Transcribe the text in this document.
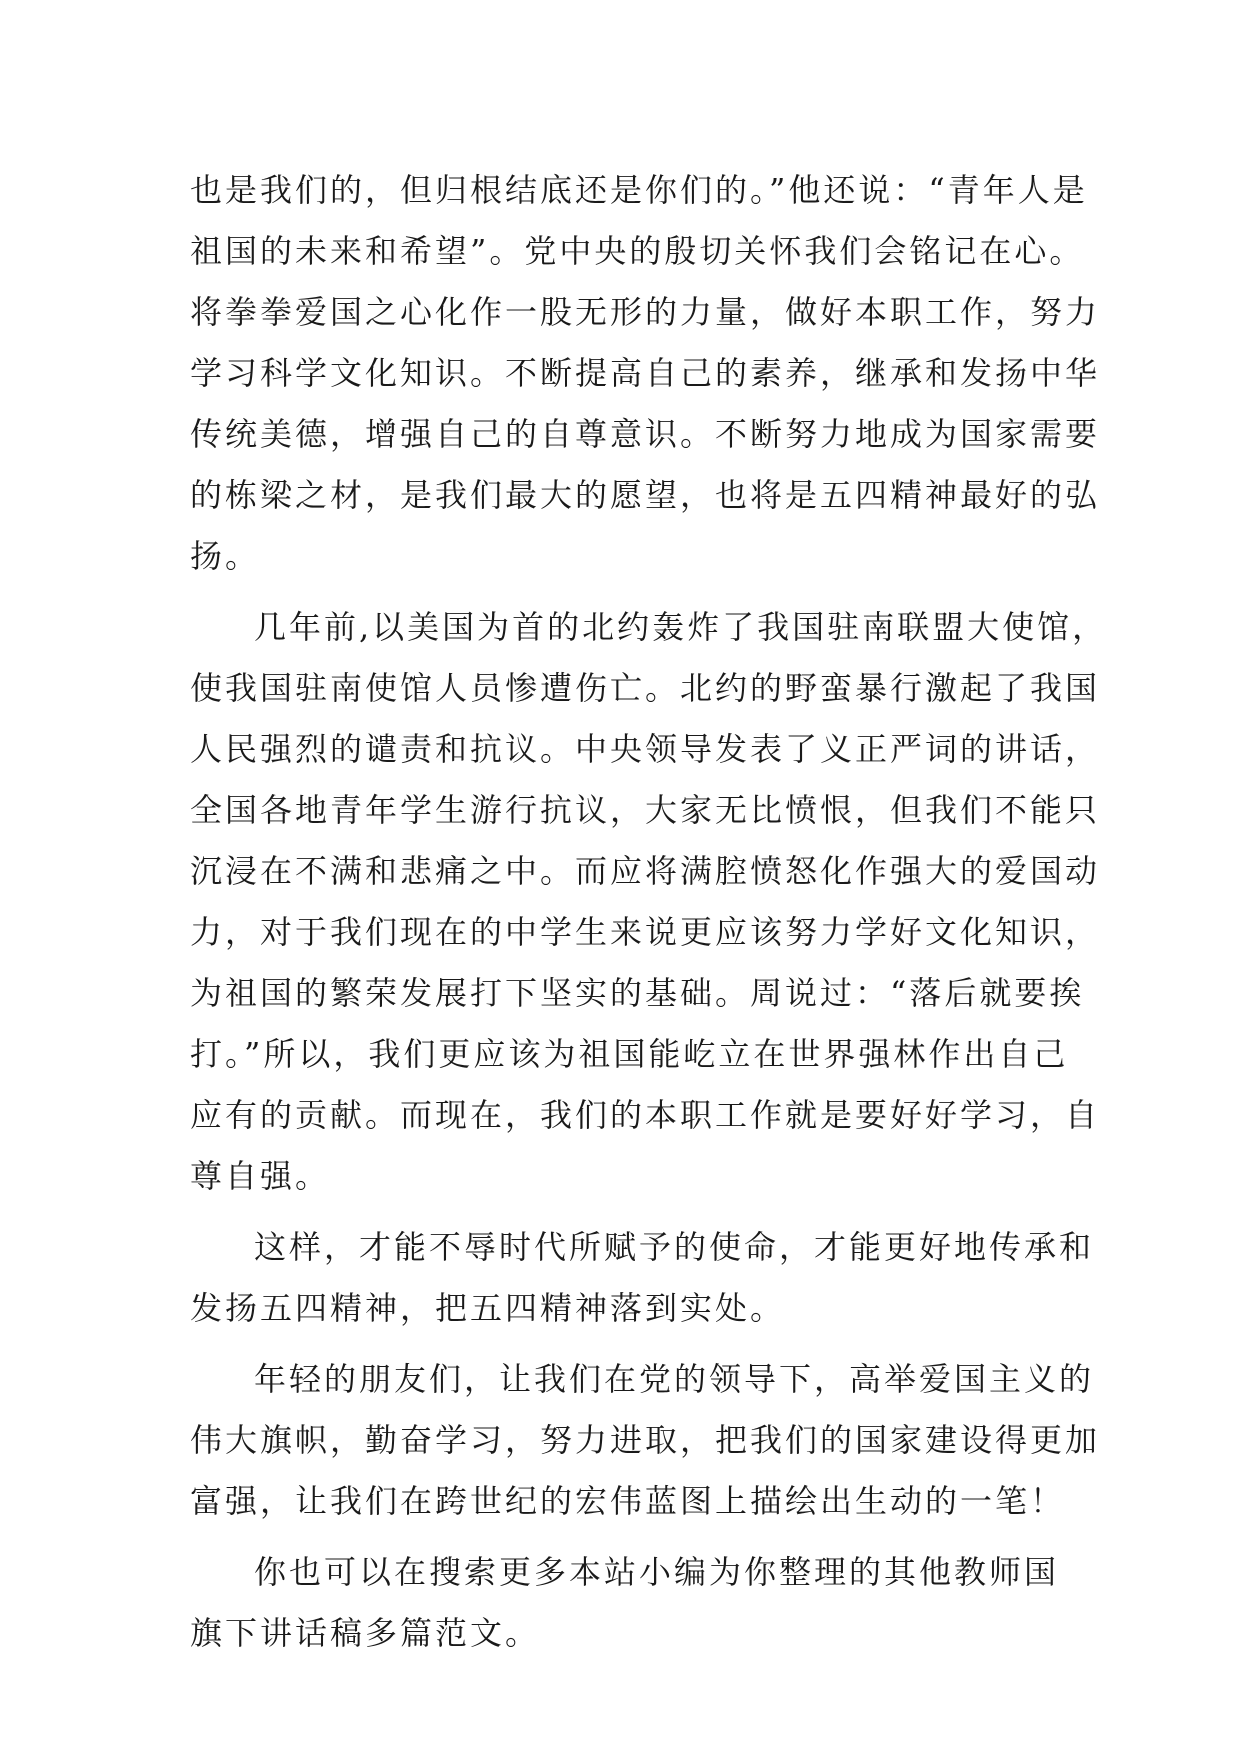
也是我们的，但归根结底还是你们的。”他还说：“青年人是
祖国的未来和希望”。党中央的殷切关怀我们会铭记在心。
将拳拳爱国之心化作一股无形的力量，做好本职工作，努力
学习科学文化知识。不断提高自己的素养，继承和发扬中华
传统美德，增强自己的自尊意识。不断努力地成为国家需要
的栋梁之材，是我们最大的愿望，也将是五四精神最好的弘
扬。
几年前,以美国为首的北约轰炸了我国驻南联盟大使馆，
使我国驻南使馆人员惨遭伤亡。北约的野蛮暴行激起了我国
人民强烈的谴责和抗议。中央领导发表了义正严词的讲话，
全国各地青年学生游行抗议，大家无比愤恨，但我们不能只
沉浸在不满和悲痛之中。而应将满腔愤怒化作强大的爱国动
力，对于我们现在的中学生来说更应该努力学好文化知识，
为祖国的繁荣发展打下坚实的基础。周说过：“落后就要挨
打。”所以，我们更应该为祖国能屹立在世界强林作出自己
应有的贡献。而现在，我们的本职工作就是要好好学习，自
尊自强。
这样，才能不辱时代所赋予的使命，才能更好地传承和
发扬五四精神，把五四精神落到实处。
年轻的朋友们，让我们在党的领导下，高举爱国主义的
伟大旗帜，勤奋学习，努力进取，把我们的国家建设得更加
富强，让我们在跨世纪的宏伟蓝图上描绘出生动的一笔！
你也可以在搜索更多本站小编为你整理的其他教师国
旗下讲话稿多篇范文。
